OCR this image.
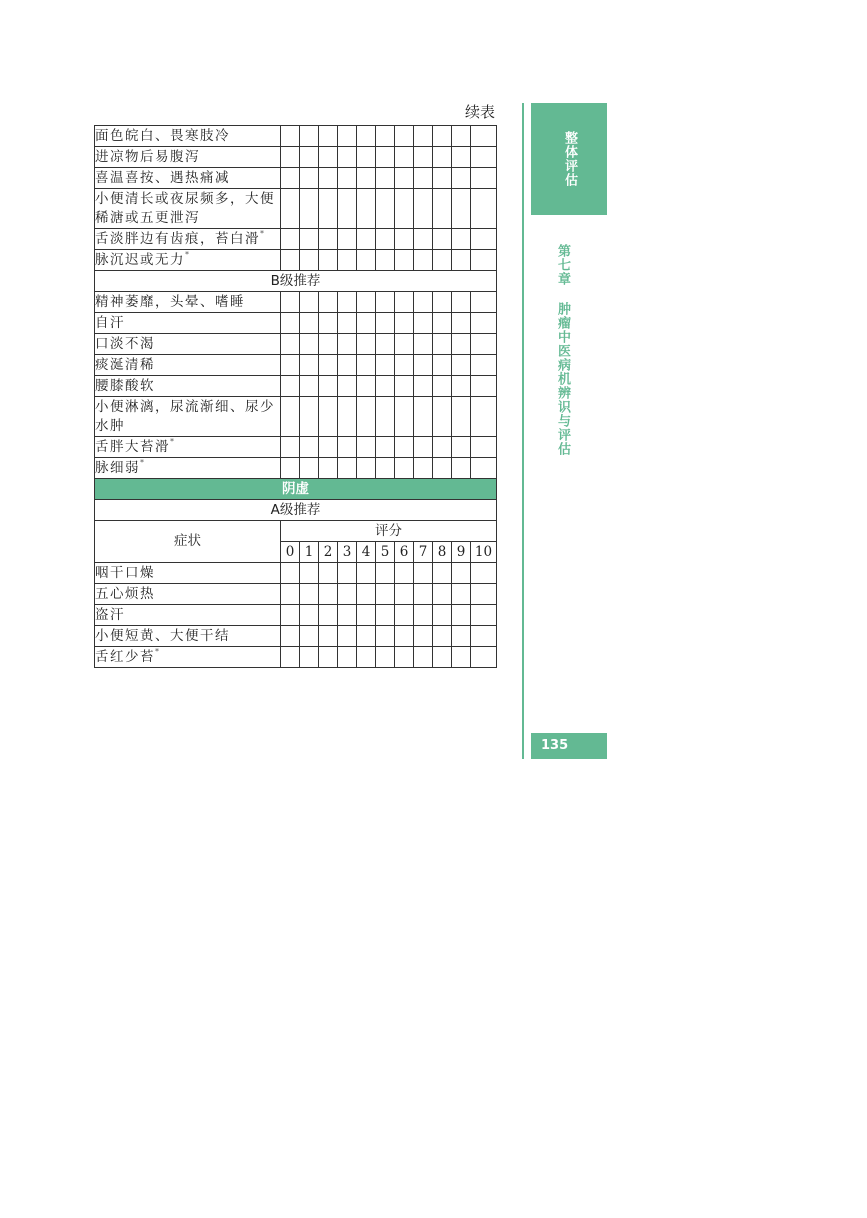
续表
面色皖白、畏寒肢冷											
进凉物后易腹泻											
喜温喜按、遇热痛减											
小便清长或夜尿频多，大便稀溏或五更泄泻											
舌淡胖边有齿痕，苔白滑*											
脉沉迟或无力*											
B级推荐											
精神萎靡，头晕、嗜睡											
自汗											
口淡不渴											
痰涎清稀											
腰膝酸软											
小便淋漓，尿流渐细、尿少水肿											
舌胖大苔滑*											
脉细弱*											
阴虚											
A级推荐											
症状	评分										
	0	1	2	3	4	5	6	7	8	9	10
咽干口燥											
五心烦热											
盗汗											
小便短黄、大便干结											
舌红少苔*											
整体评估
第七章
肿瘤中医病机辨识与评估
135
